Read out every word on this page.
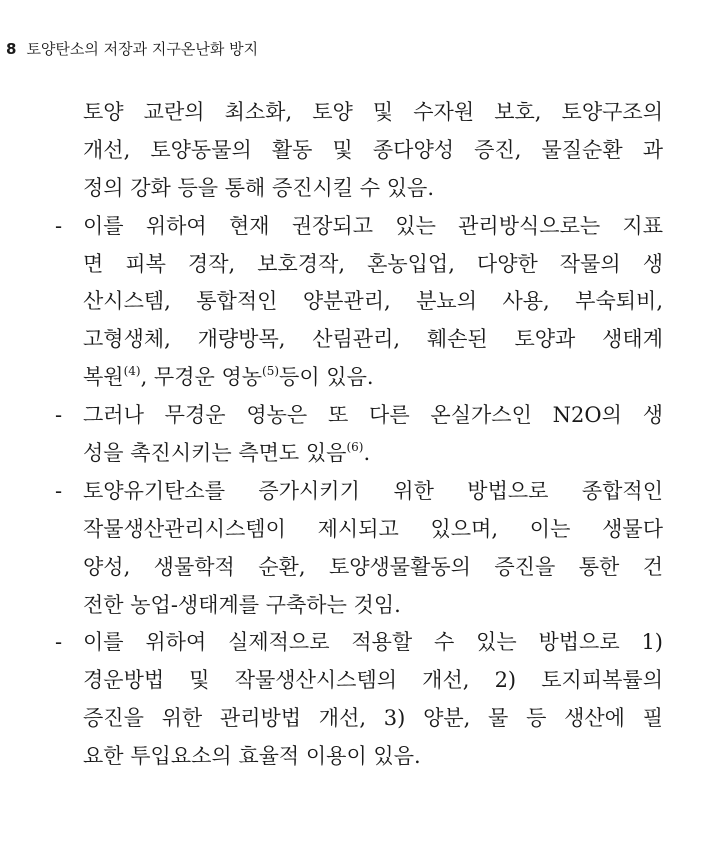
8 토양탄소의 저장과 지구온난화 방지
토양 교란의 최소화, 토양 및 수자원 보호, 토양구조의
개선, 토양동물의 활동 및 종다양성 증진, 물질순환 과
정의 강화 등을 통해 증진시킬 수 있음.
- 이를 위하여 현재 권장되고 있는 관리방식으로는 지표
면 피복 경작, 보호경작, 혼농입업, 다양한 작물의 생
산시스템, 통합적인 양분관리, 분뇨의 사용, 부숙퇴비,
고형생체, 개량방목, 산림관리, 훼손된 토양과 생태계
복원$^{(4)}$, 무경운 영농$^{(5)}$등이 있음.
- 그러나 무경운 영농은 또 다른 온실가스인 N2O의 생
성을 촉진시키는 측면도 있음$^{(6)}$.
- 토양유기탄소를 증가시키기 위한 방법으로 종합적인
작물생산관리시스템이 제시되고 있으며, 이는 생물다
양성, 생물학적 순환, 토양생물활동의 증진을 통한 건
전한 농업-생태계를 구축하는 것임.
- 이를 위하여 실제적으로 적용할 수 있는 방법으로 1)
경운방법 및 작물생산시스템의 개선, 2) 토지피복률의
증진을 위한 관리방법 개선, 3) 양분, 물 등 생산에 필
요한 투입요소의 효율적 이용이 있음.
